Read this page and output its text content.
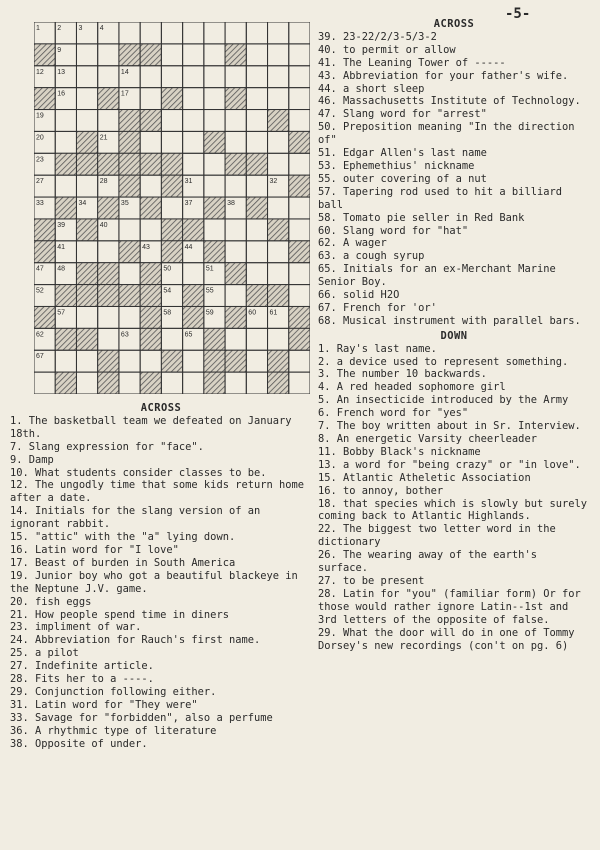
-5-
1 2 3 4
9
12 13	14
16	17
19
20	21
23
27	28	31	32
33	34	35	37	38
39	40
41	43	44
47 48	50	51
52	54	55
57	58	59	60 61
62	63	65
67
ACROSS
39. 23-22/2/3-5/3-2
40. to permit or allow
41. The Leaning Tower of -----
43. Abbreviation for your father's wife.
44. a short sleep
46. Massachusetts Institute of Technology.
47. Slang word for "arrest"
50. Preposition meaning "In the direction of"
51. Edgar Allen's last name
53. Ephemethius' nickname
55. outer covering of a nut
57. Tapering rod used to hit a billiard ball
58. Tomato pie seller in Red Bank
60. Slang word for "hat"
62. A wager
63. a cough syrup
65. Initials for an ex-Merchant Marine Senior Boy.
66. solid H2O
67. French for 'or'
68. Musical instrument with parallel bars.
DOWN
1. Ray's last name.
2. a device used to represent something.
3. The number 10 backwards.
4. A red headed sophomore girl
5. An insecticide introduced by the Army
6. French word for "yes"
7. The boy written about in Sr. Interview.
8. An energetic Varsity cheerleader
11. Bobby Black's nickname
13. a word for "being crazy" or "in love".
15. Atlantic Atheletic Association
16. to annoy, bother
18. that species which is slowly but surely coming back to Atlantic Highlands.
22. The biggest two letter word in the dictionary
26. The wearing away of the earth's surface.
27. to be present
28. Latin for "you" (familiar form) Or for those would rather ignore Latin--1st and 3rd letters of the opposite of false.
29. What the door will do in one of Tommy Dorsey's new recordings (con't on pg. 6)
ACROSS
1. The basketball team we defeated on January 18th.
7. Slang expression for "face".
9. Damp
10. What students consider classes to be.
12. The ungodly time that some kids return home after a date.
14. Initials for the slang version of an ignorant rabbit.
15. "attic" with the "a" lying down.
16. Latin word for "I love"
17. Beast of burden in South America
19. Junior boy who got a beautiful blackeye in the Neptune J.V. game.
20. fish eggs
21. How people spend time in diners
23. impliment of war.
24. Abbreviation for Rauch's first name.
25. a pilot
27. Indefinite article.
28. Fits her to a ----.
29. Conjunction following either.
31. Latin word for "They were"
33. Savage for "forbidden", also a perfume
36. A rhythmic type of literature
38. Opposite of under.
